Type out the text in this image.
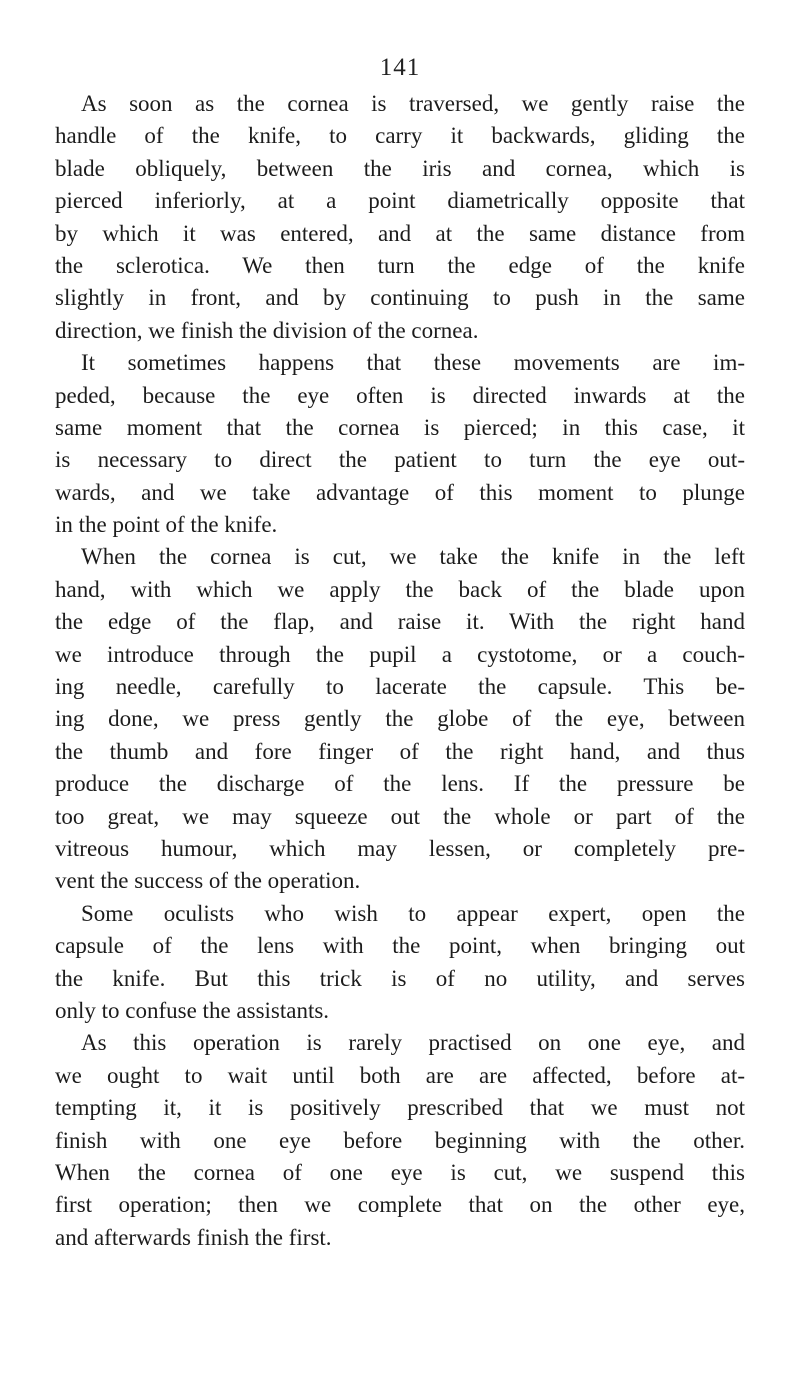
141
As soon as the cornea is traversed, we gently raise the
handle of the knife, to carry it backwards, gliding the
blade obliquely, between the iris and cornea, which is
pierced inferiorly, at a point diametrically opposite that
by which it was entered, and at the same distance from
the sclerotica. We then turn the edge of the knife
slightly in front, and by continuing to push in the same
direction, we finish the division of the cornea.
It sometimes happens that these movements are im-
peded, because the eye often is directed inwards at the
same moment that the cornea is pierced; in this case, it
is necessary to direct the patient to turn the eye out-
wards, and we take advantage of this moment to plunge
in the point of the knife.
When the cornea is cut, we take the knife in the left
hand, with which we apply the back of the blade upon
the edge of the flap, and raise it. With the right hand
we introduce through the pupil a cystotome, or a couch-
ing needle, carefully to lacerate the capsule. This be-
ing done, we press gently the globe of the eye, between
the thumb and fore finger of the right hand, and thus
produce the discharge of the lens. If the pressure be
too great, we may squeeze out the whole or part of the
vitreous humour, which may lessen, or completely pre-
vent the success of the operation.
Some oculists who wish to appear expert, open the
capsule of the lens with the point, when bringing out
the knife. But this trick is of no utility, and serves
only to confuse the assistants.
As this operation is rarely practised on one eye, and
we ought to wait until both are are affected, before at-
tempting it, it is positively prescribed that we must not
finish with one eye before beginning with the other.
When the cornea of one eye is cut, we suspend this
first operation; then we complete that on the other eye,
and afterwards finish the first.
